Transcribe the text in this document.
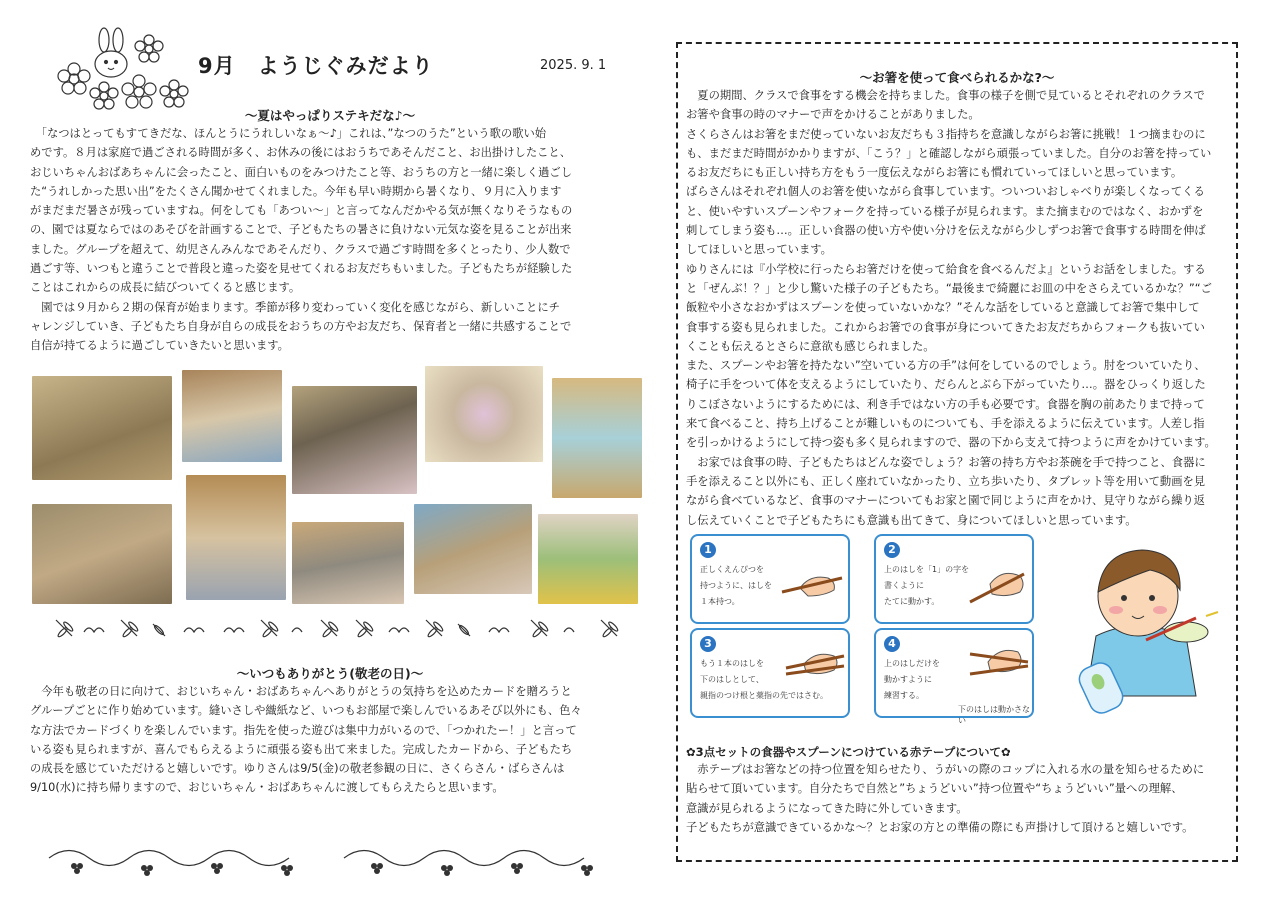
9月　ようじぐみだより	2025. 9. 1
～夏はやっぱりステキだな♪～
　「なつはとってもすてきだな、ほんとうにうれしいなぁ～♪」これは、”なつのうた”という歌の歌い始
めです。８月は家庭で過ごされる時間が多く、お休みの後にはおうちであそんだこと、お出掛けしたこと、
おじいちゃんおばあちゃんに会ったこと、面白いものをみつけたこと等、おうちの方と一緒に楽しく過ごし
た“うれしかった思い出”をたくさん聞かせてくれました。今年も早い時期から暑くなり、９月に入ります
がまだまだ暑さが残っていますね。何をしても「あつい～」と言ってなんだかやる気が無くなりそうなもの
の、園では夏ならではのあそびを計画することで、子どもたちの暑さに負けない元気な姿を見ることが出来
ました。グループを超えて、幼児さんみんなであそんだり、クラスで過ごす時間を多くとったり、少人数で
過ごす等、いつもと違うことで普段と違った姿を見せてくれるお友だちもいました。子どもたちが経験した
ことはこれからの成長に結びついてくると感じます。
　園では９月から２期の保育が始まります。季節が移り変わっていく変化を感じながら、新しいことにチ
ャレンジしていき、子どもたち自身が自らの成長をおうちの方やお友だち、保育者と一緒に共感することで
自信が持てるように過ごしていきたいと思います。
～いつもありがとう(敬老の日)～
　今年も敬老の日に向けて、おじいちゃん・おばあちゃんへありがとうの気持ちを込めたカードを贈ろうと
グループごとに作り始めています。縫いさしや織紙など、いつもお部屋で楽しんでいるあそび以外にも、色々
な方法でカードづくりを楽しんでいます。指先を使った遊びは集中力がいるので、「つかれたー！」と言って
いる姿も見られますが、喜んでもらえるように頑張る姿も出て来ました。完成したカードから、子どもたち
の成長を感じていただけると嬉しいです。ゆりさんは9/5(金)の敬老参観の日に、さくらさん・ばらさんは
9/10(水)に持ち帰りますので、おじいちゃん・おばあちゃんに渡してもらえたらと思います。
～お箸を使って食べられるかな?～
　夏の期間、クラスで食事をする機会を持ちました。食事の様子を側で見ているとそれぞれのクラスで
お箸や食事の時のマナーで声をかけることがありました。
さくらさんはお箸をまだ使っていないお友だちも３指持ちを意識しながらお箸に挑戦！１つ摘まむのに
も、まだまだ時間がかかりますが、「こう？」と確認しながら頑張っていました。自分のお箸を持ってい
るお友だちにも正しい持ち方をもう一度伝えながらお箸にも慣れていってほしいと思っています。
ばらさんはそれぞれ個人のお箸を使いながら食事しています。ついついおしゃべりが楽しくなってくる
と、使いやすいスプーンやフォークを持っている様子が見られます。また摘まむのではなく、おかずを
刺してしまう姿も…。正しい食器の使い方や使い分けを伝えながら少しずつお箸で食事する時間を伸ば
してほしいと思っています。
ゆりさんには『小学校に行ったらお箸だけを使って給食を食べるんだよ』というお話をしました。する
と「ぜんぶ！？」と少し驚いた様子の子どもたち。“最後まで綺麗にお皿の中をさらえているかな？”“ご
飯粒や小さなおかずはスプーンを使っていないかな？”そんな話をしていると意識してお箸で集中して
食事する姿も見られました。これからお箸での食事が身についてきたお友だちからフォークも抜いてい
くことも伝えるとさらに意欲も感じられました。
また、スプーンやお箸を持たない”空いている方の手”は何をしているのでしょう。肘をついていたり、
椅子に手をついて体を支えるようにしていたり、だらんとぶら下がっていたり…。器をひっくり返した
りこぼさないようにするためには、利き手ではない方の手も必要です。食器を胸の前あたりまで持って
来て食べること、持ち上げることが難しいものについても、手を添えるように伝えています。人差し指
を引っかけるようにして持つ姿も多く見られますので、器の下から支えて持つように声をかけています。
　お家では食事の時、子どもたちはどんな姿でしょう？お箸の持ち方やお茶碗を手で持つこと、食器に
手を添えること以外にも、正しく座れていなかったり、立ち歩いたり、タブレット等を用いて動画を見
ながら食べているなど、食事のマナーについてもお家と園で同じように声をかけ、見守りながら繰り返
し伝えていくことで子どもたちにも意識も出てきて、身についてほしいと思っています。
1
正しくえんぴつを
持つように、はしを
１本持つ。
2
上のはしを「1」の字を
書くように
たてに動かす。
3
もう１本のはしを
下のはしとして、
親指のつけ根と薬指の先ではさむ。
4
上のはしだけを
動かすように
練習する。
下のはしは動かさない
✿3点セットの食器やスプーンにつけている赤テープについて✿
　赤テープはお箸などの持つ位置を知らせたり、うがいの際のコップに入れる水の量を知らせるために
貼らせて頂いています。自分たちで自然と”ちょうどいい”持つ位置や“ちょうどいい”量への理解、
意識が見られるようになってきた時に外していきます。
子どもたちが意識できているかな～？とお家の方との準備の際にも声掛けして頂けると嬉しいです。
